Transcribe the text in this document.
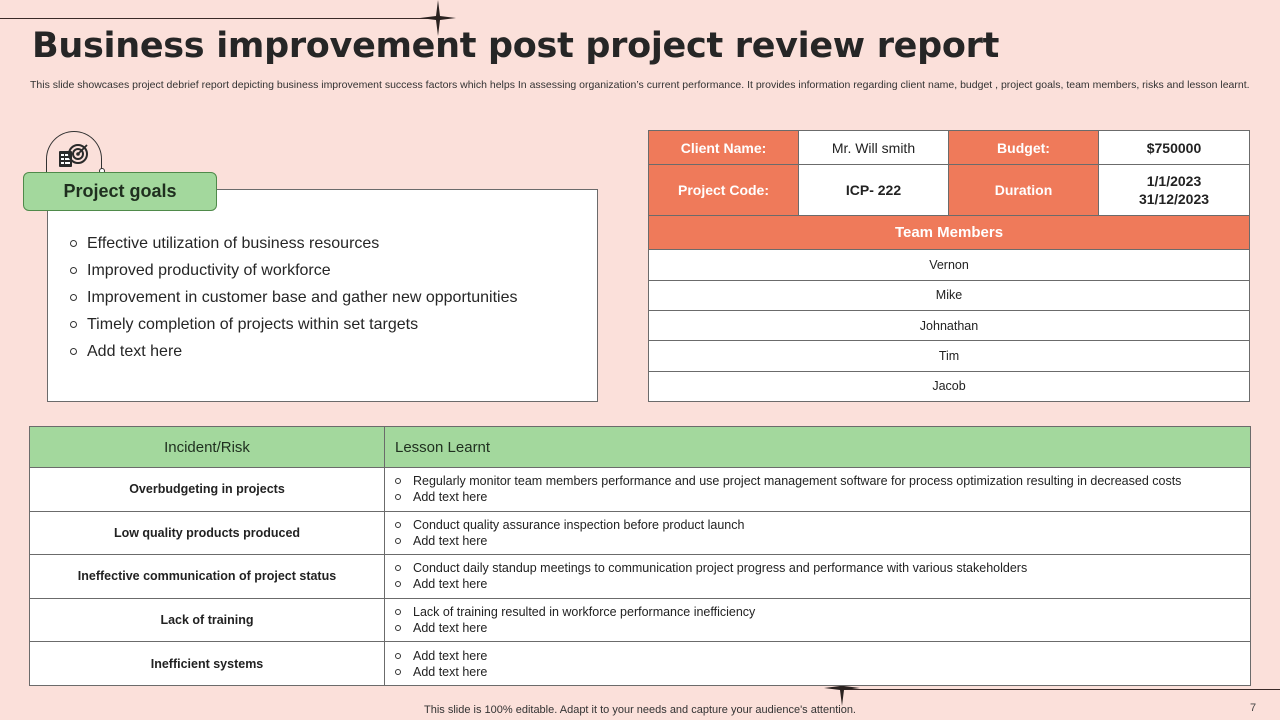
Business improvement post project review report

This slide showcases project debrief report depicting business improvement success factors which helps In assessing organization’s current performance. It provides information regarding client name, budget , project goals, team members, risks and lesson learnt.

Project goals
Effective utilization of business resources
Improved productivity of workforce
Improvement in customer base and gather new opportunities
Timely completion of projects within set targets
Add text here
Client Name:	Mr. Will smith	Budget:	$750000
Project Code:	ICP- 222	Duration	1/1/2023
31/12/2023

Team Members			
Vernon			
Mike			
Johnathan			
Tim			
Jacob			
Incident/Risk	Lesson Learnt
Overbudgeting in projects	Regularly monitor team members performance and use project management software for process optimization resulting in decreased costs
Add text here

Low quality products produced	Conduct quality assurance inspection before product launch
Add text here

Ineffective communication of project status	Conduct daily standup meetings to communication project progress and performance with various stakeholders
Add text here

Lack of training	Lack of training resulted in workforce performance inefficiency
Add text here

Inefficient systems	Add text here
Add text here
This slide is 100% editable. Adapt it to your needs and capture your audience's attention.	7
